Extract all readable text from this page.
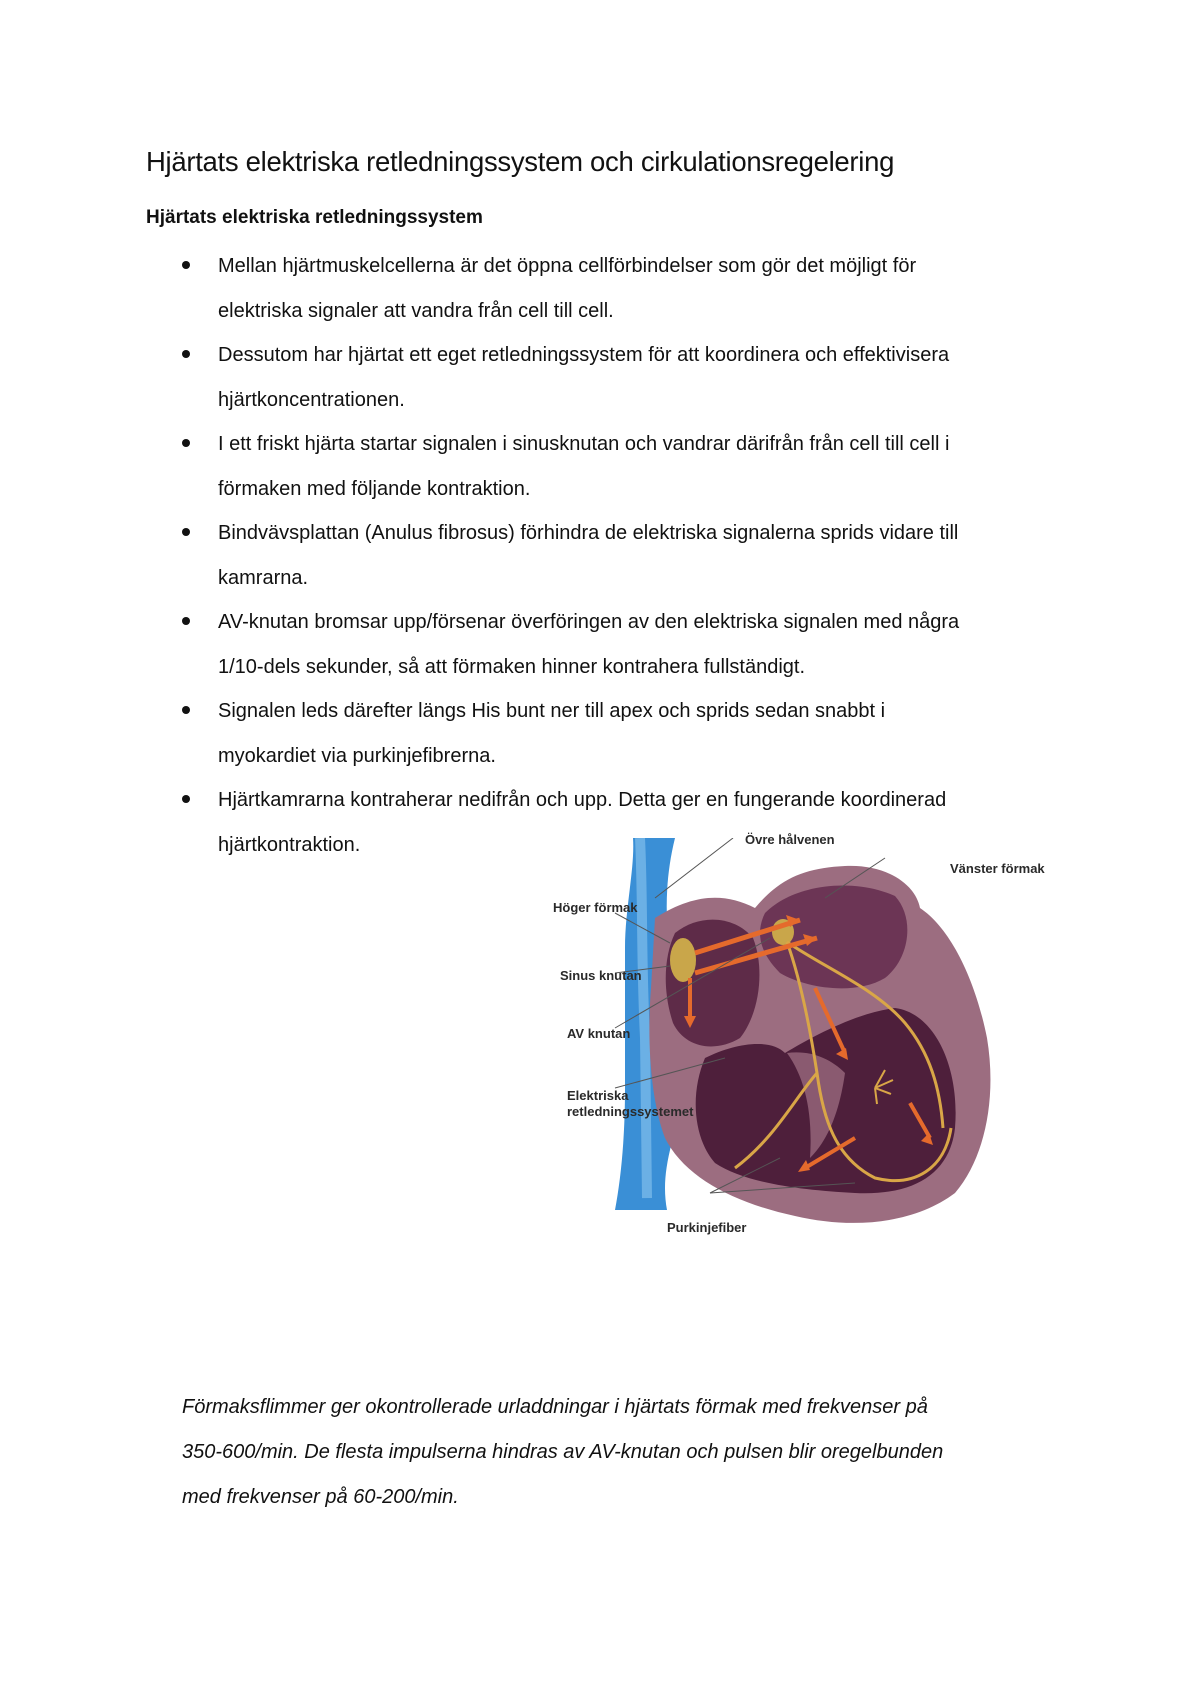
Hjärtats elektriska retledningssystem och cirkulationsregelering
Hjärtats elektriska retledningssystem
Mellan hjärtmuskelcellerna är det öppna cellförbindelser som gör det möjligt för
elektriska signaler att vandra från cell till cell.
Dessutom har hjärtat ett eget retledningssystem för att koordinera och effektivisera
hjärtkoncentrationen.
I ett friskt hjärta startar signalen i sinusknutan och vandrar därifrån från cell till cell i
förmaken med följande kontraktion.
Bindvävsplattan (Anulus fibrosus) förhindra de elektriska signalerna sprids vidare till
kamrarna.
AV-knutan bromsar upp/försenar överföringen av den elektriska signalen med några
1/10-dels sekunder, så att förmaken hinner kontrahera fullständigt.
Signalen leds därefter längs His bunt ner till apex och sprids sedan snabbt i
myokardiet via purkinjefibrerna.
Hjärtkamrarna kontraherar nedifrån och upp. Detta ger en fungerande koordinerad
hjärtkontraktion.	Övre hålvenen
Vänster förmak
Höger förmak
Sinus knutan
AV knutan
Elektriska
retledningssystemet
Purkinjefiber
Förmaksflimmer ger okontrollerade urladdningar i hjärtats förmak med frekvenser på
350-600/min. De flesta impulserna hindras av AV-knutan och pulsen blir oregelbunden
med frekvenser på 60-200/min.
